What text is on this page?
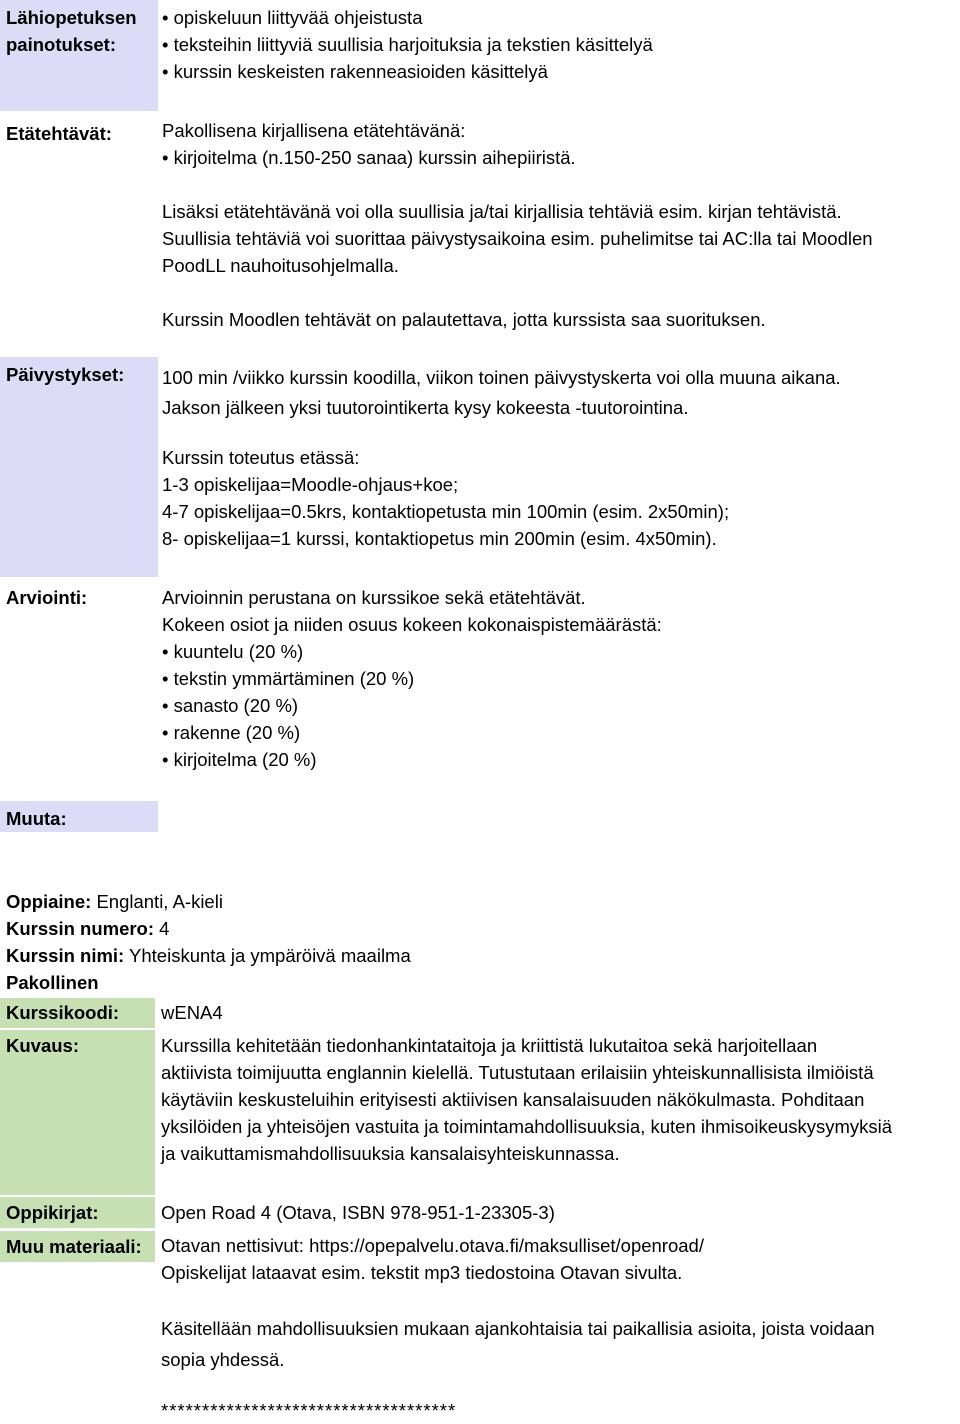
Lähiopetuksen
painotukset:
• opiskeluun liittyvää ohjeistusta
• teksteihin liittyviä suullisia harjoituksia ja tekstien käsittelyä
• kurssin keskeisten rakenneasioiden käsittelyä
Etätehtävät:	Pakollisena kirjallisena etätehtävänä:
• kirjoitelma (n.150-250 sanaa) kurssin aihepiiristä.
Lisäksi etätehtävänä voi olla suullisia ja/tai kirjallisia tehtäviä esim. kirjan tehtävistä.
Suullisia tehtäviä voi suorittaa päivystysaikoina esim. puhelimitse tai AC:lla tai Moodlen
PoodLL nauhoitusohjelmalla.
Kurssin Moodlen tehtävät on palautettava, jotta kurssista saa suorituksen.
Päivystykset:	100 min /viikko kurssin koodilla, viikon toinen päivystyskerta voi olla muuna aikana.
Jakson jälkeen yksi tuutorointikerta kysy kokeesta -tuutorointina.
Kurssin toteutus etässä:
1-3 opiskelijaa=Moodle-ohjaus+koe;
4-7 opiskelijaa=0.5krs, kontaktiopetusta min 100min (esim. 2x50min);
8- opiskelijaa=1 kurssi, kontaktiopetus min 200min (esim. 4x50min).
Arviointi:	Arvioinnin perustana on kurssikoe sekä etätehtävät.
Kokeen osiot ja niiden osuus kokeen kokonaispistemäärästä:
• kuuntelu (20 %)
• tekstin ymmärtäminen (20 %)
• sanasto (20 %)
• rakenne (20 %)
• kirjoitelma (20 %)
Muuta:
Oppiaine: Englanti, A-kieli
Kurssin numero: 4
Kurssin nimi: Yhteiskunta ja ympäröivä maailma
Pakollinen
Kurssikoodi:	wENA4
Kuvaus:	Kurssilla kehitetään tiedonhankintataitoja ja kriittistä lukutaitoa sekä harjoitellaan
aktiivista toimijuutta englannin kielellä. Tutustutaan erilaisiin yhteiskunnallisista ilmiöistä
käytäviin keskusteluihin erityisesti aktiivisen kansalaisuuden näkökulmasta. Pohditaan
yksilöiden ja yhteisöjen vastuita ja toimintamahdollisuuksia, kuten ihmisoikeuskysymyksiä
ja vaikuttamismahdollisuuksia kansalaisyhteiskunnassa.
Oppikirjat:	Open Road 4 (Otava, ISBN 978-951-1-23305-3)
Muu materiaali:	Otavan nettisivut: https://opepalvelu.otava.fi/maksulliset/openroad/
Opiskelijat lataavat esim. tekstit mp3 tiedostoina Otavan sivulta.
Käsitellään mahdollisuuksien mukaan ajankohtaisia tai paikallisia asioita, joista voidaan
sopia yhdessä.
************************************
